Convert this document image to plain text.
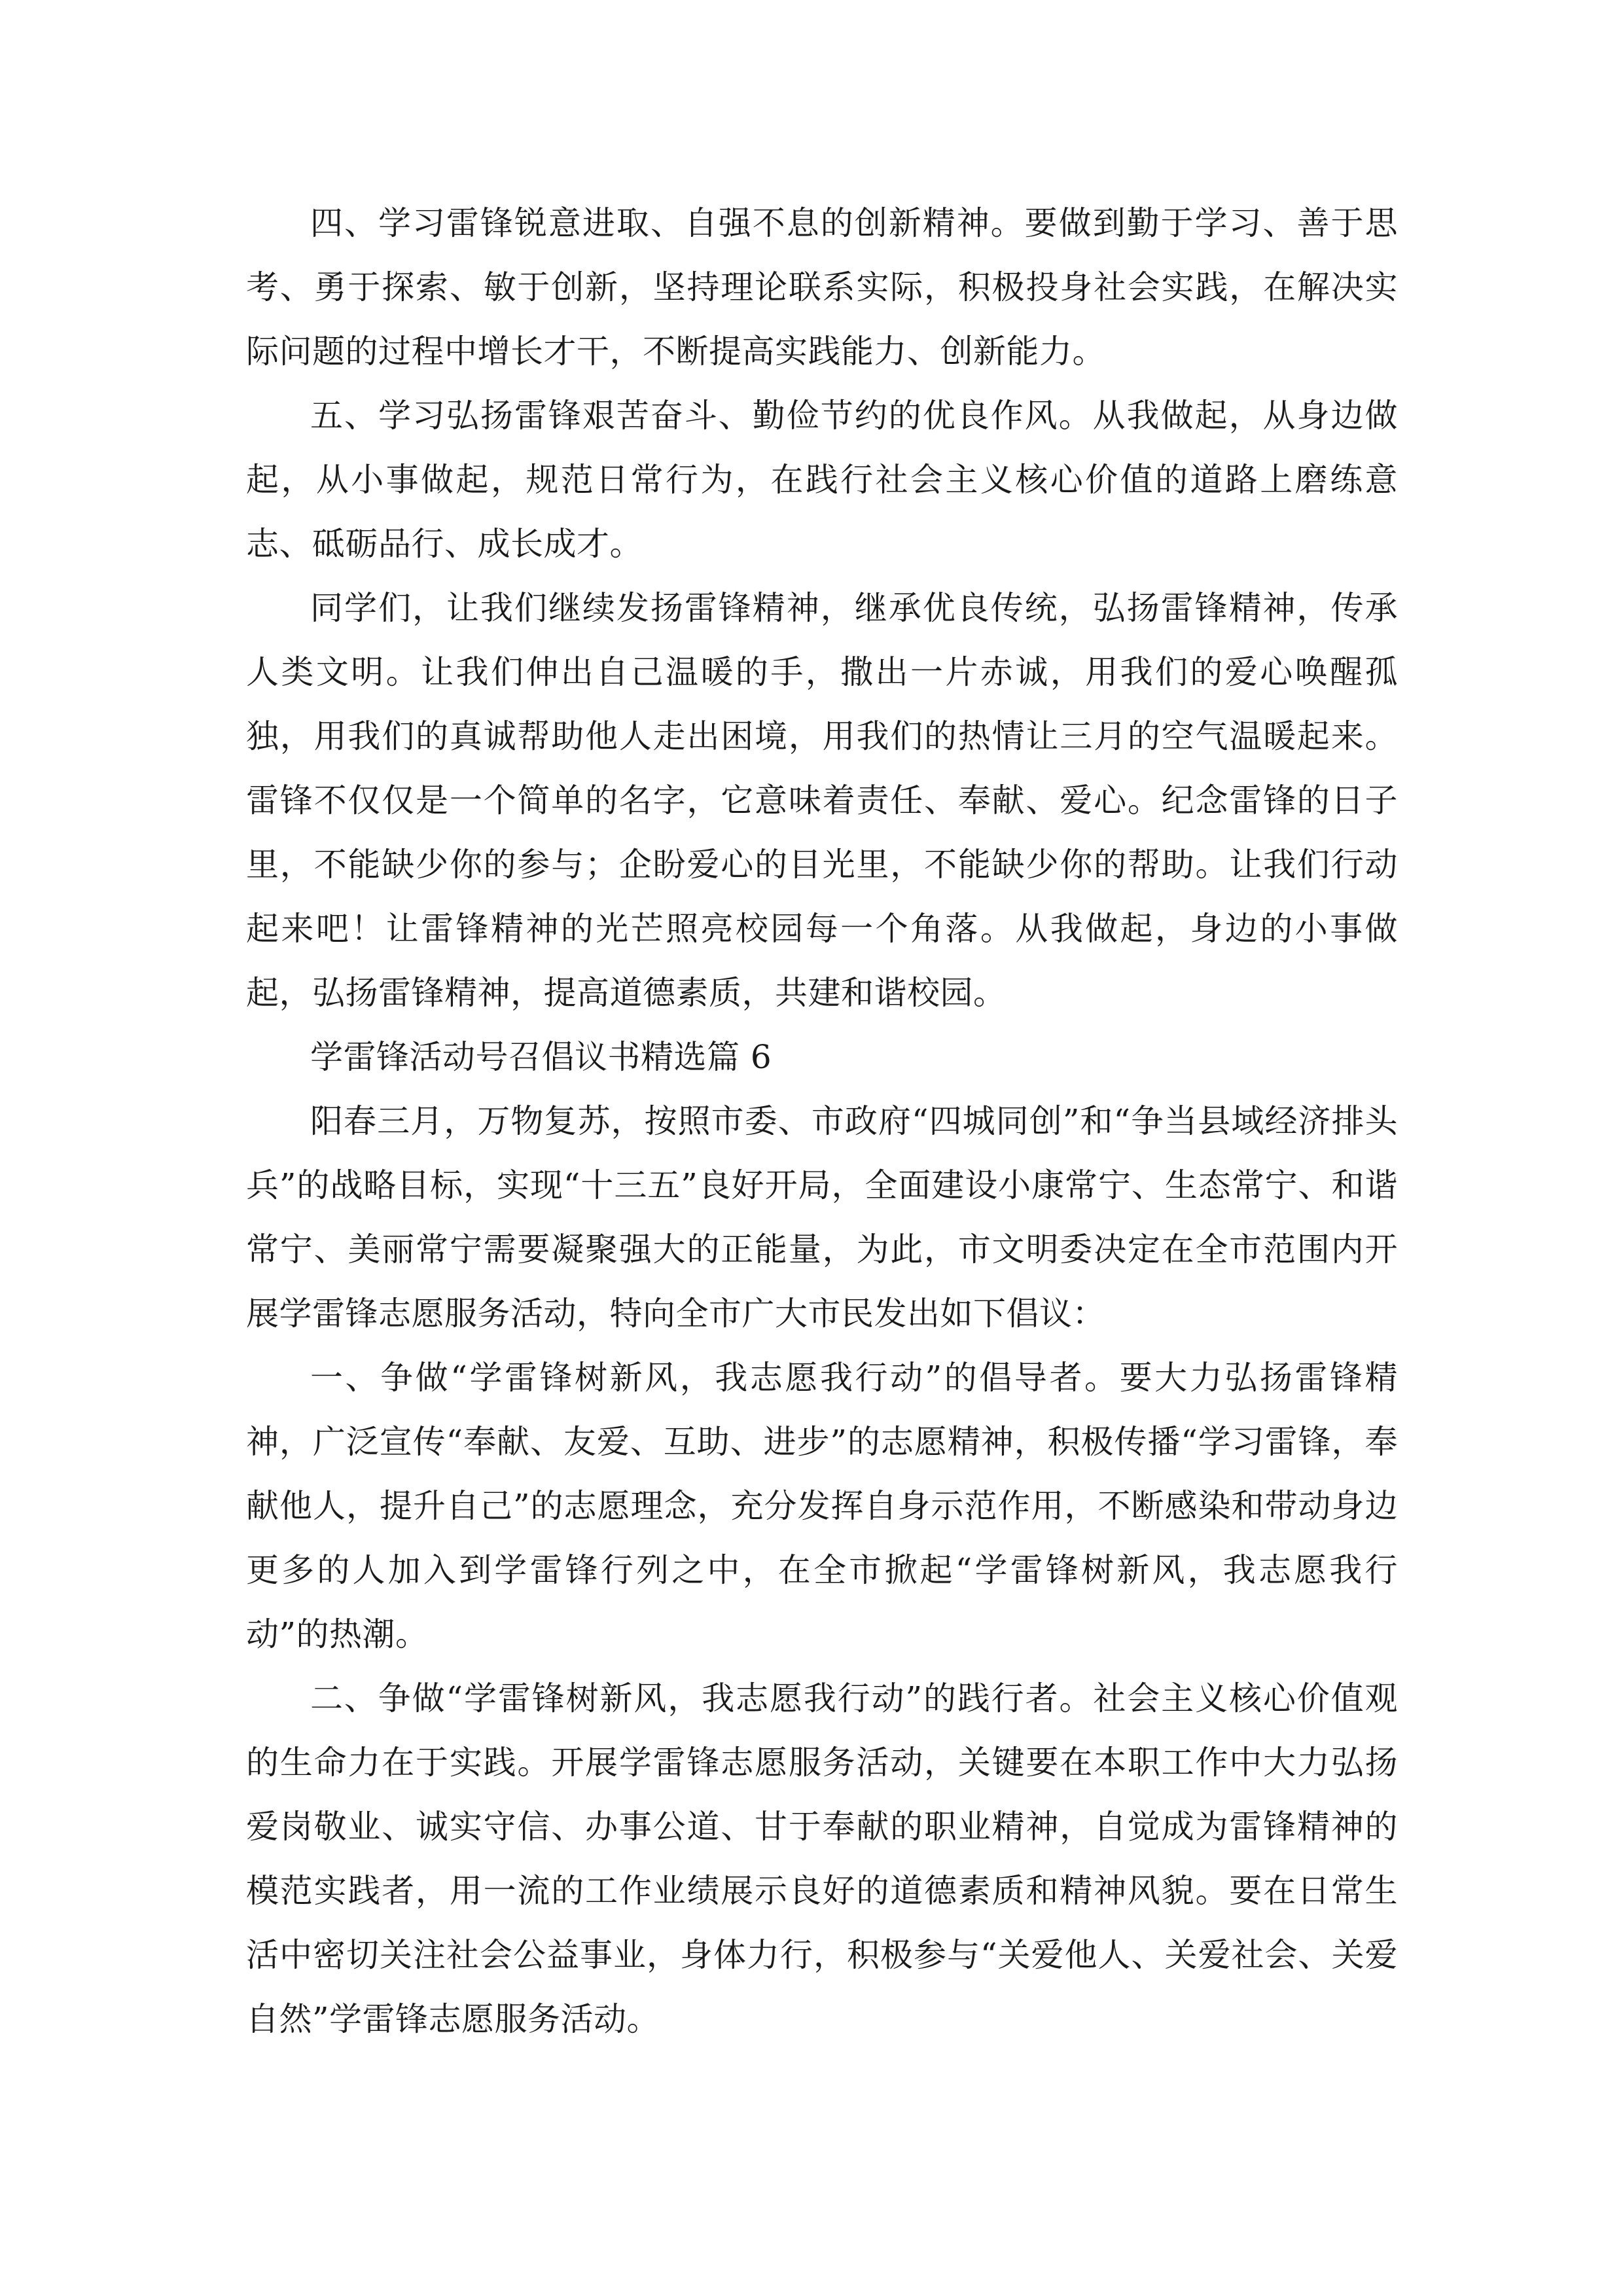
四、学习雷锋锐意进取、自强不息的创新精神。要做到勤于学习、善于思考、勇于探索、敏于创新，坚持理论联系实际，积极投身社会实践，在解决实际问题的过程中增长才干，不断提高实践能力、创新能力。

五、学习弘扬雷锋艰苦奋斗、勤俭节约的优良作风。从我做起，从身边做起，从小事做起，规范日常行为，在践行社会主义核心价值的道路上磨练意志、砥砺品行、成长成才。

同学们，让我们继续发扬雷锋精神，继承优良传统，弘扬雷锋精神，传承人类文明。让我们伸出自己温暖的手，撒出一片赤诚，用我们的爱心唤醒孤独，用我们的真诚帮助他人走出困境，用我们的热情让三月的空气温暖起来。雷锋不仅仅是一个简单的名字，它意味着责任、奉献、爱心。纪念雷锋的日子里，不能缺少你的参与；企盼爱心的目光里，不能缺少你的帮助。让我们行动起来吧！让雷锋精神的光芒照亮校园每一个角落。从我做起，身边的小事做起，弘扬雷锋精神，提高道德素质，共建和谐校园。

学雷锋活动号召倡议书精选篇 6

阳春三月，万物复苏，按照市委、市政府“四城同创”和“争当县域经济排头兵”的战略目标，实现“十三五”良好开局，全面建设小康常宁、生态常宁、和谐常宁、美丽常宁需要凝聚强大的正能量，为此，市文明委决定在全市范围内开展学雷锋志愿服务活动，特向全市广大市民发出如下倡议：

一、争做“学雷锋树新风，我志愿我行动”的倡导者。要大力弘扬雷锋精神，广泛宣传“奉献、友爱、互助、进步”的志愿精神，积极传播“学习雷锋，奉献他人，提升自己”的志愿理念，充分发挥自身示范作用，不断感染和带动身边更多的人加入到学雷锋行列之中，在全市掀起“学雷锋树新风，我志愿我行动”的热潮。

二、争做“学雷锋树新风，我志愿我行动”的践行者。社会主义核心价值观的生命力在于实践。开展学雷锋志愿服务活动，关键要在本职工作中大力弘扬爱岗敬业、诚实守信、办事公道、甘于奉献的职业精神，自觉成为雷锋精神的模范实践者，用一流的工作业绩展示良好的道德素质和精神风貌。要在日常生活中密切关注社会公益事业，身体力行，积极参与“关爱他人、关爱社会、关爱自然”学雷锋志愿服务活动。
